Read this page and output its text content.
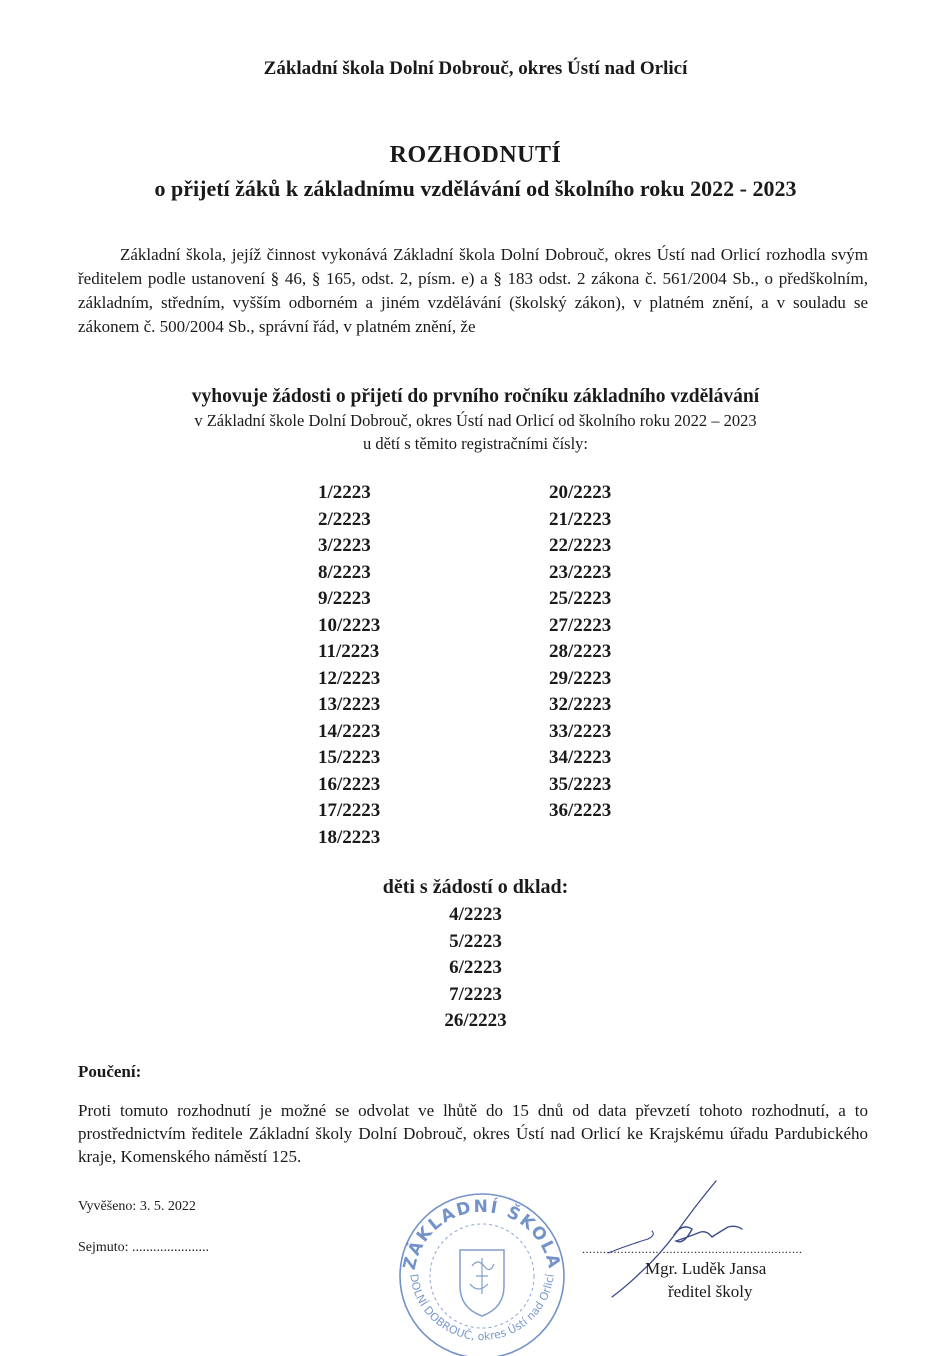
Základní škola Dolní Dobrouč, okres Ústí nad Orlicí
ROZHODNUTÍ
o přijetí žáků k základnímu vzdělávání od školního roku 2022 - 2023
Základní škola, jejíž činnost vykonává Základní škola Dolní Dobrouč, okres Ústí nad Orlicí rozhodla svým ředitelem podle ustanovení § 46, § 165, odst. 2, písm. e) a § 183 odst. 2 zákona č. 561/2004 Sb., o předškolním, základním, středním, vyšším odborném a jiném vzdělávání (školský zákon), v platném znění, a v souladu se zákonem č. 500/2004 Sb., správní řád, v platném znění, že
vyhovuje žádosti o přijetí do prvního ročníku základního vzdělávání
v Základní škole Dolní Dobrouč, okres Ústí nad Orlicí od školního roku 2022 – 2023
u dětí s těmito registračními čísly:
1/2223
2/2223
3/2223
8/2223
9/2223
10/2223
11/2223
12/2223
13/2223
14/2223
15/2223
16/2223
17/2223
18/2223
20/2223
21/2223
22/2223
23/2223
25/2223
27/2223
28/2223
29/2223
32/2223
33/2223
34/2223
35/2223
36/2223
děti s žádostí o dklad:
4/2223
5/2223
6/2223
7/2223
26/2223
Poučení:

Proti tomuto rozhodnutí je možné se odvolat ve lhůtě do 15 dnů od data převzetí tohoto rozhodnutí, a to prostřednictvím ředitele Základní školy Dolní Dobrouč, okres Ústí nad Orlicí ke Krajskému úřadu Pardubického kraje, Komenského náměstí 125.
Vyvěšeno: 3. 5. 2022
Sejmuto: ......................
ZÁKLADNÍ ŠKOLA
DOLNÍ DOBROUČ, okres Ústí nad Orlicí
...............................................................
Mgr. Luděk Jansa
ředitel školy
